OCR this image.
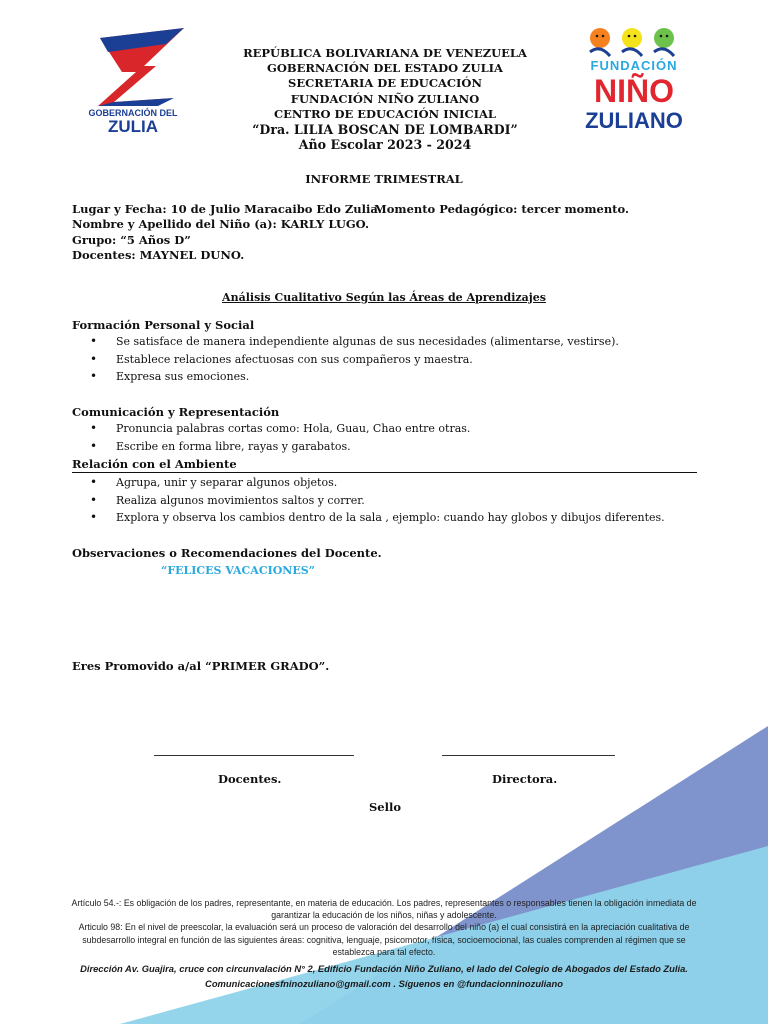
GOBERNACIÓN DEL
ZULIA
FUNDACIÓN
NIÑO
ZULIANO
REPÚBLICA BOLIVARIANA DE VENEZUELA
GOBERNACIÓN DEL ESTADO ZULIA
SECRETARIA DE EDUCACIÓN
FUNDACIÓN NIÑO ZULIANO
CENTRO DE EDUCACIÓN INICIAL
“Dra. LILIA BOSCAN DE LOMBARDI”
Año Escolar 2023 - 2024
INFORME TRIMESTRAL
Lugar y Fecha: 10 de Julio Maracaibo Edo Zulia.
Nombre y Apellido del Niño (a): KARLY LUGO.
Grupo: “5 Años D”
Docentes: MAYNEL DUNO.
Momento Pedagógico: tercer momento.
Análisis Cualitativo Según las Áreas de Aprendizajes
Formación Personal y Social
• Se satisface de manera independiente algunas de sus necesidades (alimentarse, vestirse).
• Establece relaciones afectuosas con sus compañeros y maestra.
• Expresa sus emociones.
Comunicación y Representación
• Pronuncia palabras cortas como: Hola, Guau, Chao entre otras.
• Escribe en forma libre, rayas y garabatos.
Relación con el Ambiente
• Agrupa, unir y separar algunos objetos.
• Realiza algunos movimientos saltos y correr.
• Explora y observa los cambios dentro de la sala , ejemplo: cuando hay globos y dibujos diferentes.
Observaciones o Recomendaciones del Docente.
“FELICES VACACIONES”
Eres Promovido a/al “PRIMER GRADO”.
Docentes.	Directora.
Sello
Artículo 54.-: Es obligación de los padres, representante, en materia de educación. Los padres, representantes o responsables tienen la obligación inmediata de garantizar la educación de los niños, niñas y adolescente.
Articulo 98: En el nivel de preescolar, la evaluación será un proceso de valoración del desarrollo del niño (a) el cual consistirá en la apreciación cualitativa de subdesarrollo integral en función de las siguientes áreas: cognitiva, lenguaje, psicomotor, física, socioemocional, las cuales comprenden al régimen que se establezca para tal efecto.
Dirección Av. Guajira, cruce con circunvalación N° 2, Edificio Fundación Niño Zuliano, el lado del Colegio de Abogados del Estado Zulia.
Comunicacionesfninozuliano@gmail.com . Síguenos en @fundacionninozuliano
